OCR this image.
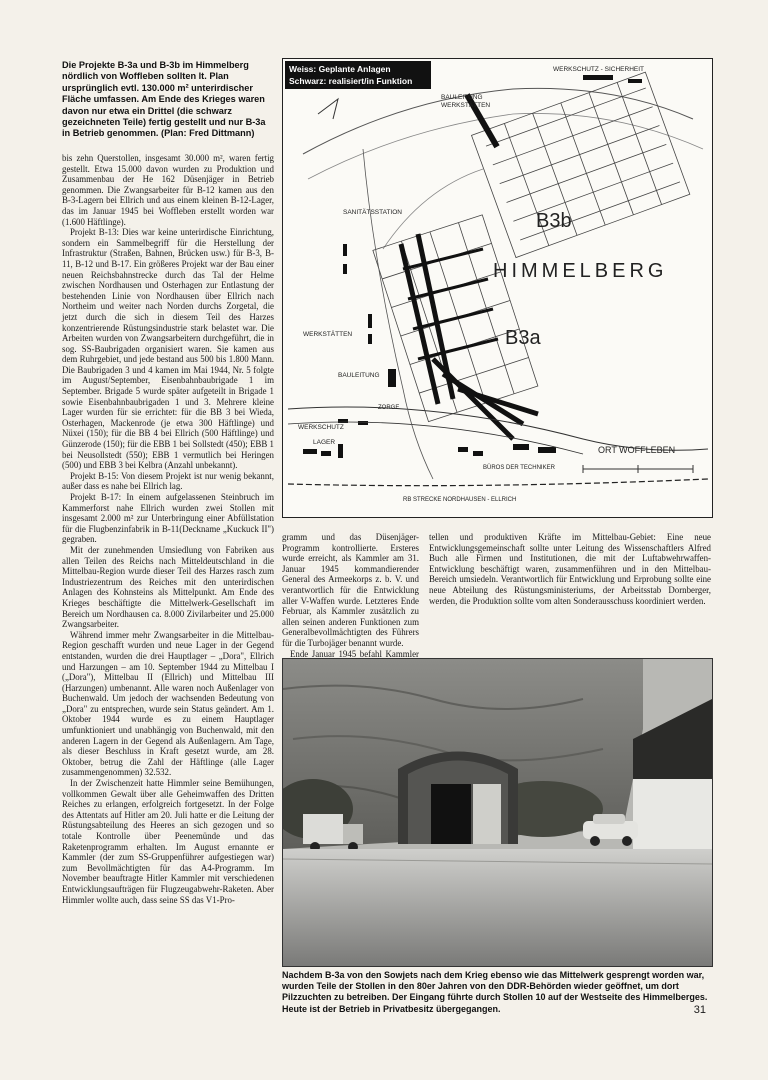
Die Projekte B-3a und B-3b im Himmelberg nördlich von Woffleben sollten lt. Plan ursprünglich evtl. 130.000 m² unterirdischer Fläche umfassen. Am Ende des Krieges waren davon nur etwa ein Drittel (die schwarz gezeichneten Teile) fertig gestellt und nur B-3a in Betrieb genommen. (Plan: Fred Dittmann)

bis zehn Querstollen, insgesamt 30.000 m², waren fertig gestellt. Etwa 15.000 davon wurden zu Produktion und Zusammenbau der He 162 Düsenjäger in Betrieb genommen. Die Zwangsarbeiter für B-12 kamen aus den B-3-Lagern bei Ellrich und aus einem kleinen B-12-Lager, das im Januar 1945 bei Woffleben erstellt worden war (1.600 Häftlinge).

Projekt B-13: Dies war keine unterirdische Einrichtung, sondern ein Sammelbegriff für die Herstellung der Infrastruktur (Straßen, Bahnen, Brücken usw.) für B-3, B-11, B-12 und B-17. Ein größeres Projekt war der Bau einer neuen Reichsbahnstrecke durch das Tal der Helme zwischen Nordhausen und Osterhagen zur Entlastung der bestehenden Linie von Nordhausen über Ellrich nach Northeim und weiter nach Norden durchs Zorgetal, die jetzt durch die sich in diesem Teil des Harzes konzentrierende Rüstungsindustrie stark belastet war. Die Arbeiten wurden von Zwangsarbeitern durchgeführt, die in sog. SS-Baubrigaden organisiert waren. Sie kamen aus dem Ruhrgebiet, und jede bestand aus 500 bis 1.800 Mann. Die Baubrigaden 3 und 4 kamen im Mai 1944, Nr. 5 folgte im August/September, Eisenbahnbaubrigade 1 im September. Brigade 5 wurde später aufgeteilt in Brigade 1 sowie Eisenbahnbaubrigaden 1 und 3. Mehrere kleine Lager wurden für sie errichtet: für die BB 3 bei Wieda, Osterhagen, Mackenrode (je etwa 300 Häftlinge) und Nüxei (150); für die BB 4 bei Ellrich (500 Häftlinge) und Günzerode (150); für die EBB 1 bei Sollstedt (450); EBB 1 bei Neusollstedt (550); EBB 1 vermutlich bei Heringen (500) und EBB 3 bei Kelbra (Anzahl unbekannt).

Projekt B-15: Von diesem Projekt ist nur wenig bekannt, außer dass es nahe bei Ellrich lag.

Projekt B-17: In einem aufgelassenen Steinbruch im Kammerforst nahe Ellrich wurden zwei Stollen mit insgesamt 2.000 m² zur Unterbringung einer Abfüllstation für die Flugbenzinfabrik in B-11(Deckname „Kuckuck II") gegraben.

Mit der zunehmenden Umsiedlung von Fabriken aus allen Teilen des Reichs nach Mitteldeutschland in die Mittelbau-Region wurde dieser Teil des Harzes rasch zum Industriezentrum des Reiches mit den unterirdischen Anlagen des Kohnsteins als Mittelpunkt. Am Ende des Krieges beschäftigte die Mittelwerk-Gesellschaft im Bereich um Nordhausen ca. 8.000 Zivilarbeiter und 25.000 Zwangsarbeiter.

Während immer mehr Zwangsarbeiter in die Mittelbau-Region geschafft wurden und neue Lager in der Gegend entstanden, wurden die drei Hauptlager – „Dora", Ellrich und Harzungen – am 10. September 1944 zu Mittelbau I („Dora"), Mittelbau II (Ellrich) und Mittelbau III (Harzungen) umbenannt. Alle waren noch Außenlager von Buchenwald. Um jedoch der wachsenden Bedeutung von „Dora" zu entsprechen, wurde sein Status geändert. Am 1. Oktober 1944 wurde es zu einem Hauptlager umfunktioniert und unabhängig von Buchenwald, mit den anderen Lagern in der Gegend als Außenlagern. Am Tage, als dieser Beschluss in Kraft gesetzt wurde, am 28. Oktober, betrug die Zahl der Häftlinge (alle Lager zusammengenommen) 32.532.

In der Zwischenzeit hatte Himmler seine Bemühungen, vollkommen Gewalt über alle Geheimwaffen des Dritten Reiches zu erlangen, erfolgreich fortgesetzt. In der Folge des Attentats auf Hitler am 20. Juli hatte er die Leitung der Rüstungsabteilung des Heeres an sich gezogen und so totale Kontrolle über Peenemünde und das Raketenprogramm erhalten. Im August ernannte er Kammler (der zum SS-Gruppenführer aufgestiegen war) zum Bevollmächtigten für das A4-Programm. Im November beauftragte Hitler Kammler mit verschiedenen Entwicklungsaufträgen für Flugzeugabwehr-Raketen. Aber Himmler wollte auch, dass seine SS das V1-Pro-

gramm und das Düsenjäger-Programm kontrollierte. Ersteres wurde erreicht, als Kammler am 31. Januar 1945 kommandierender General des Armeekorps z. b. V. und verantwortlich für die Entwicklung aller V-Waffen wurde. Letzteres Ende Februar, als Kammler zusätzlich zu allen seinen anderen Funktionen zum Generalbevollmächtigten des Führers für die Turbojäger benannt wurde.

Ende Januar 1945 befahl Kammler

tellen und produktiven Kräfte im Mittelbau-Gebiet: Eine neue Entwicklungsgemeinschaft sollte unter Leitung des Wissenschaftlers Alfred Buch alle Firmen und Institutionen, die mit der Luftabwehrwaffen-Entwicklung beschäftigt waren, zusammenführen und in den Mittelbau-Bereich umsiedeln. Verantwortlich für Entwicklung und Erprobung sollte eine neue Abteilung des Rüstungsministeriums, der Arbeitsstab Dornberger, werden, die Produktion sollte vom alten Sonderausschuss koordiniert werden.

Weiss: Geplante Anlagen
Schwarz: realisiert/in Funktion
WERKSCHUTZ - SICHERHEIT
BAULEITUNG
WERKSTÄTTEN
SANITÄTSSTATION	B3b
HIMMELBERG
WERKSTÄTTEN	B3a
BAULEITUNG
ZORGE
WERKSCHUTZ
LAGER
ORT WOFFLEBEN
BÜROS DER TECHNIKER
RB STRECKE NORDHAUSEN - ELLRICH
Nachdem B-3a von den Sowjets nach dem Krieg ebenso wie das Mittelwerk gesprengt worden war, wurden Teile der Stollen in den 80er Jahren von den DDR-Behörden wieder geöffnet, um dort Pilzzuchten zu betreiben. Der Eingang führte durch Stollen 10 auf der Westseite des Himmelberges. Heute ist der Betrieb in Privatbesitz übergegangen.	31
